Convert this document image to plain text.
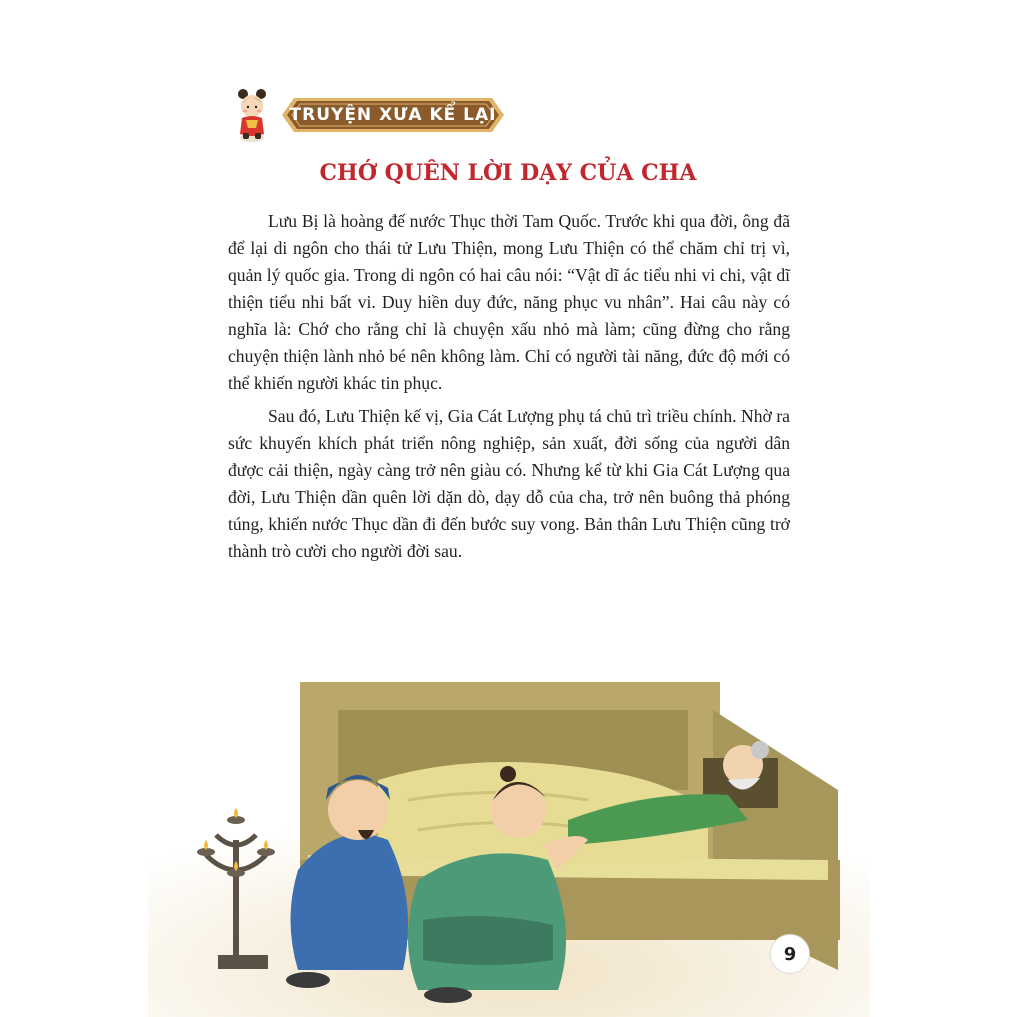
TRUYỆN XƯA KỂ LẠI
CHỚ QUÊN LỜI DẠY CỦA CHA

Lưu Bị là hoàng đế nước Thục thời Tam Quốc. Trước khi qua đời, ông đã để lại di ngôn cho thái tử Lưu Thiện, mong Lưu Thiện có thể chăm chỉ trị vì, quản lý quốc gia. Trong di ngôn có hai câu nói: “Vật dĩ ác tiểu nhi vi chi, vật dĩ thiện tiểu nhi bất vi. Duy hiền duy đức, năng phục vu nhân”. Hai câu này có nghĩa là: Chớ cho rằng chỉ là chuyện xấu nhỏ mà làm; cũng đừng cho rằng chuyện thiện lành nhỏ bé nên không làm. Chỉ có người tài năng, đức độ mới có thể khiến người khác tin phục.

Sau đó, Lưu Thiện kế vị, Gia Cát Lượng phụ tá chủ trì triều chính. Nhờ ra sức khuyến khích phát triển nông nghiệp, sản xuất, đời sống của người dân được cải thiện, ngày càng trở nên giàu có. Nhưng kể từ khi Gia Cát Lượng qua đời, Lưu Thiện dần quên lời dặn dò, dạy dỗ của cha, trở nên buông thả phóng túng, khiến nước Thục dần đi đến bước suy vong. Bản thân Lưu Thiện cũng trở thành trò cười cho người đời sau.

9
